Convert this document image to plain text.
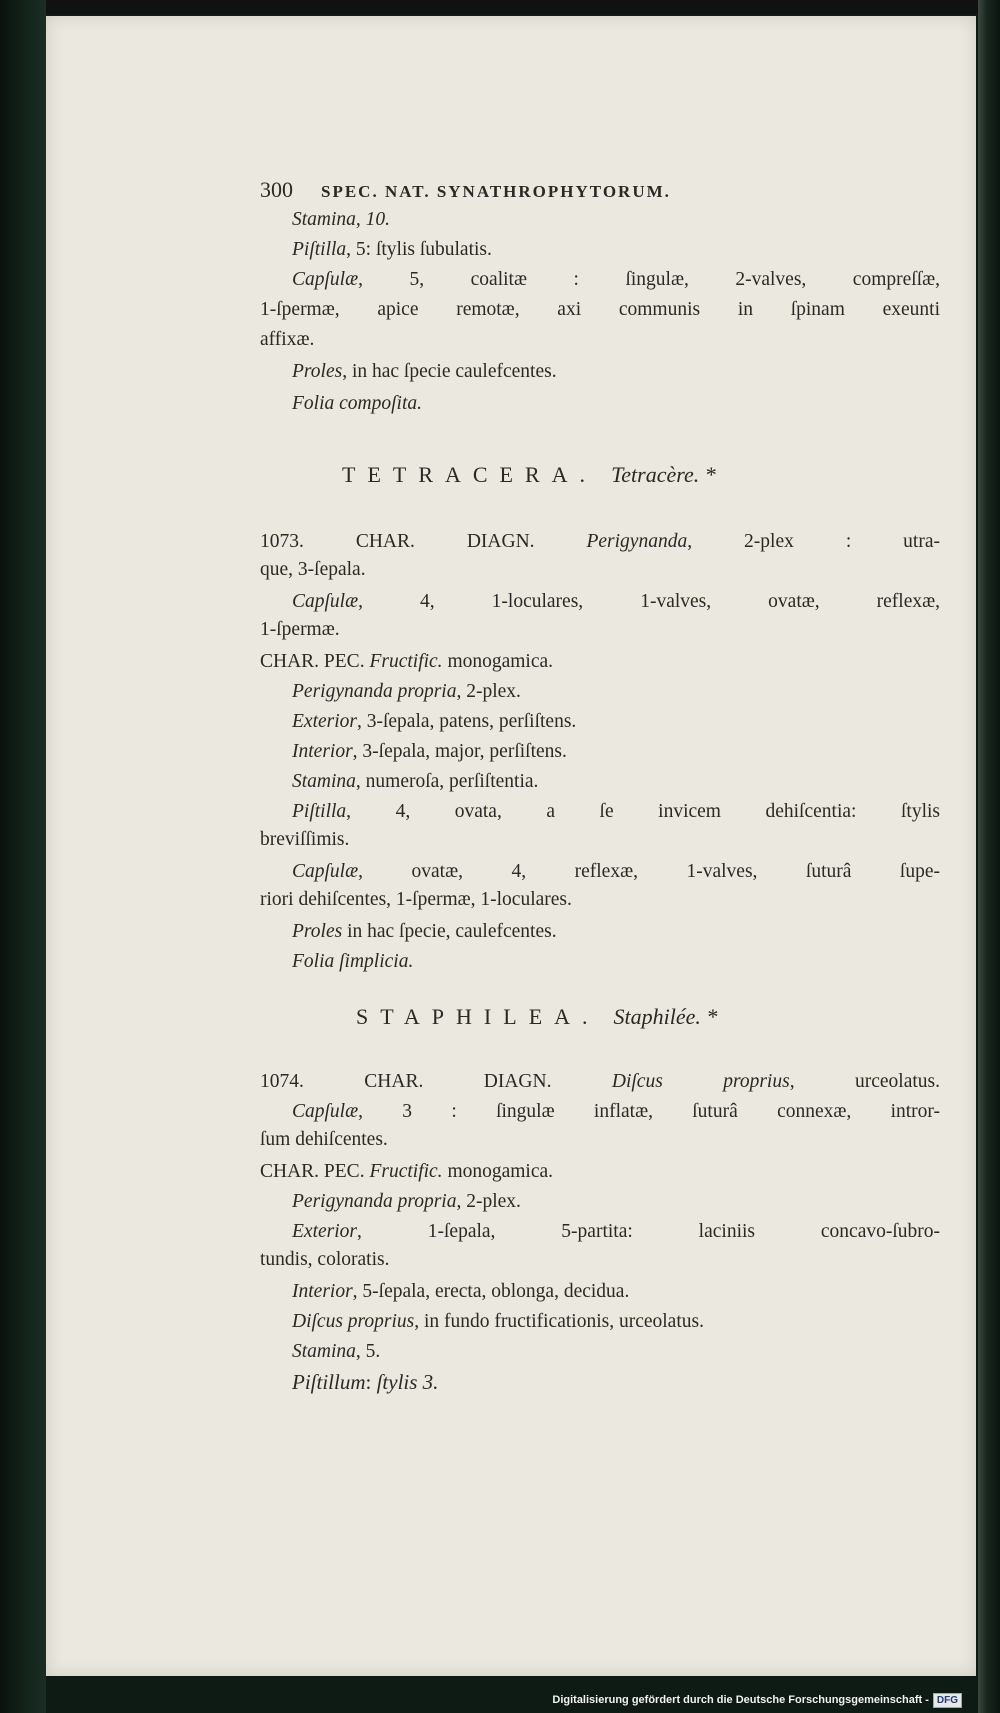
300 SPEC. NAT. SYNATHROPHYTORUM.
Stamina, 10.
Piſtilla, 5: ſtylis ſubulatis.
Capſulæ, 5, coalitæ : ſingulæ, 2-valves, compreſſæ,
1-ſpermæ, apice remotæ, axi communis in ſpinam exeunti
affixæ.
Proles, in hac ſpecie caulefcentes.
Folia compoſita.
TETRACERA. Tetracère. *
1073. CHAR. DIAGN.	Perigynanda, 2-plex : utra-
que, 3-ſepala.
Capſulæ, 4, 1-loculares, 1-valves, ovatæ, reflexæ,
1-ſpermæ.
CHAR. PEC. Fructific. monogamica.
Perigynanda propria, 2-plex.
Exterior, 3-ſepala, patens, perſiſtens.
Interior, 3-ſepala, major, perſiſtens.
Stamina, numeroſa, perſiſtentia.
Piſtilla, 4, ovata, a ſe invicem dehiſcentia: ſtylis
breviſſimis.
Capſulæ, ovatæ, 4, reflexæ, 1-valves, ſuturâ ſupe-
riori dehiſcentes, 1-ſpermæ, 1-loculares.
Proles in hac ſpecie, caulefcentes.
Folia ſimplicia.
STAPHILEA. Staphilée. *
1074. CHAR. DIAGN.	Diſcus proprius, urceolatus.
Capſulæ, 3 : ſingulæ inflatæ, ſuturâ connexæ, intror-
ſum dehiſcentes.
CHAR. PEC. Fructific. monogamica.
Perigynanda propria, 2-plex.
Exterior, 1-ſepala, 5-partita: laciniis concavo-ſubro-
tundis, coloratis.
Interior, 5-ſepala, erecta, oblonga, decidua.
Diſcus proprius, in fundo fructificationis, urceolatus.
Stamina, 5.
Piſtillum: ſtylis 3.
Digitalisierung gefördert durch die Deutsche Forschungsgemeinschaft - DFG
